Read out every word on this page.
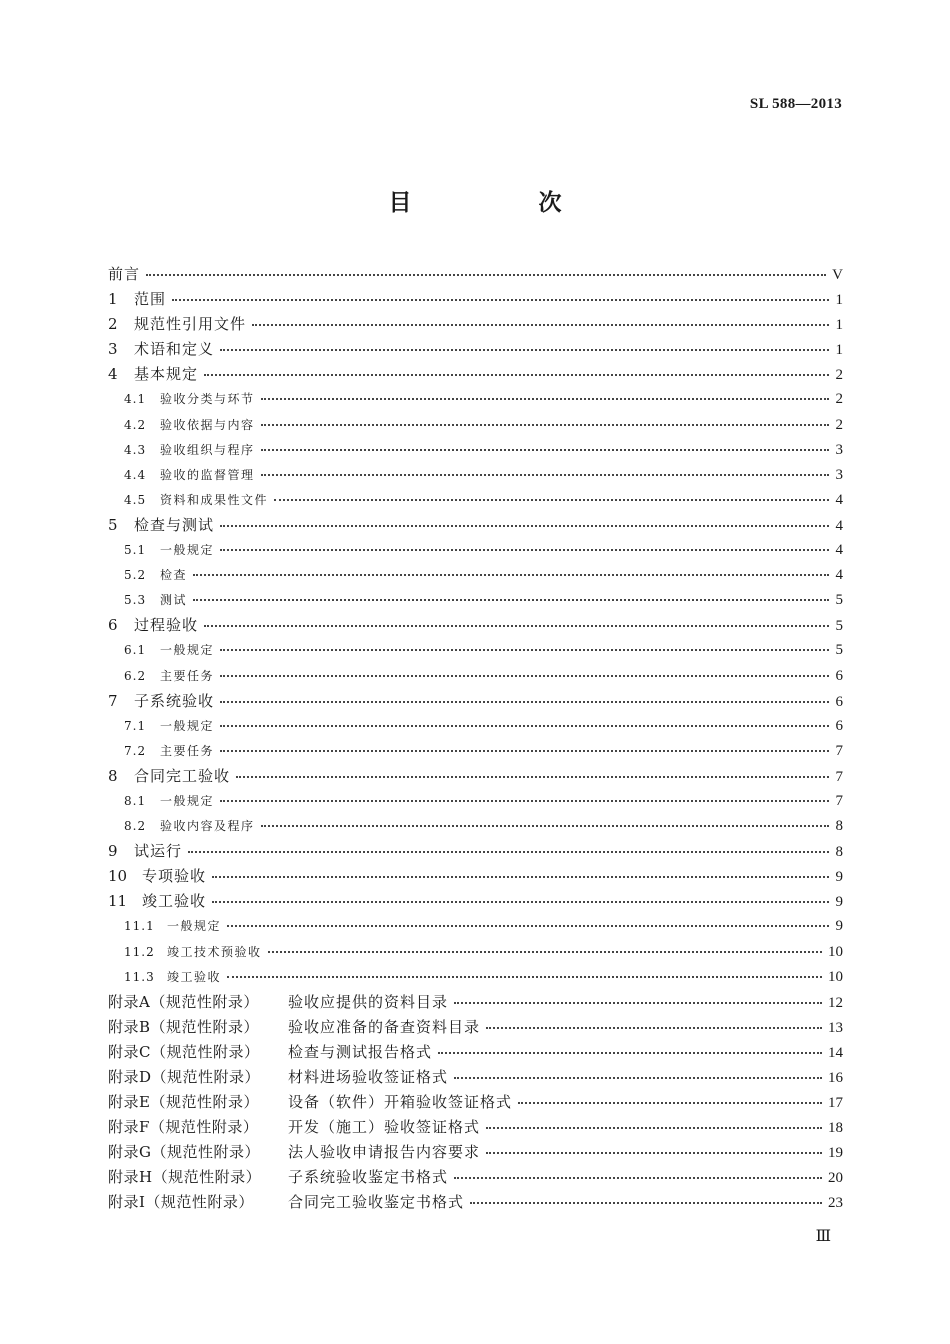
SL 588—2013
目　次
前言	V
1	范围	1
2	规范性引用文件	1
3	术语和定义	1
4	基本规定	2
4.1	验收分类与环节	2
4.2	验收依据与内容	2
4.3	验收组织与程序	3
4.4	验收的监督管理	3
4.5	资料和成果性文件	4
5	检查与测试	4
5.1	一般规定	4
5.2	检查	4
5.3	测试	5
6	过程验收	5
6.1	一般规定	5
6.2	主要任务	6
7	子系统验收	6
7.1	一般规定	6
7.2	主要任务	7
8	合同完工验收	7
8.1	一般规定	7
8.2	验收内容及程序	8
9	试运行	8
10 专项验收	9
11 竣工验收	9
11.1	一般规定	9
11.2	竣工技术预验收	10
11.3	竣工验收	10
附录A（规范性附录）	验收应提供的资料目录	12
附录B（规范性附录）	验收应准备的备查资料目录	13
附录C（规范性附录）	检查与测试报告格式	14
附录D（规范性附录）	材料进场验收签证格式	16
附录E（规范性附录）	设备（软件）开箱验收签证格式	17
附录F（规范性附录）	开发（施工）验收签证格式	18
附录G（规范性附录）	法人验收申请报告内容要求	19
附录H（规范性附录）	子系统验收鉴定书格式	20
附录I（规范性附录）	合同完工验收鉴定书格式	23
Ⅲ
